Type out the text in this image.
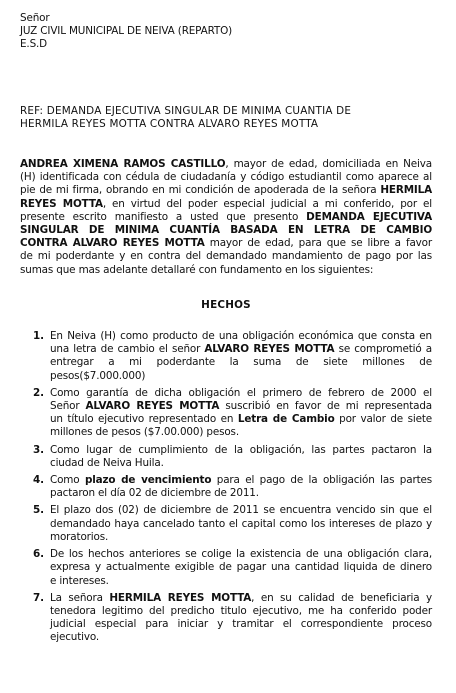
Señor
JUZ CIVIL MUNICIPAL DE NEIVA (REPARTO)
E.S.D
REF: DEMANDA EJECUTIVA SINGULAR DE MINIMA CUANTIA DE
HERMILA REYES MOTTA CONTRA ALVARO REYES MOTTA
ANDREA XIMENA RAMOS CASTILLO, mayor de edad, domiciliada en Neiva
(H) identificada con cédula de ciudadanía y código estudiantil como aparece al
pie de mi firma, obrando en mi condición de apoderada de la señora HERMILA
REYES MOTTA, en virtud del poder especial judicial a mi conferido, por el
presente escrito manifiesto a usted que presento DEMANDA EJECUTIVA
SINGULAR DE MINIMA CUANTÍA BASADA EN LETRA DE CAMBIO
CONTRA ALVARO REYES MOTTA mayor de edad, para que se libre a favor
de mi poderdante y en contra del demandado mandamiento de pago por las
sumas que mas adelante detallaré con fundamento en los siguientes:
HECHOS
1. En Neiva (H) como producto de una obligación económica que consta en
una letra de cambio el señor ALVARO REYES MOTTA se comprometió a
entregar a mi poderdante la suma de siete millones de
pesos($7.000.000)
2. Como garantía de dicha obligación el primero de febrero de 2000 el
Señor ALVARO REYES MOTTA suscribió en favor de mi representada
un título ejecutivo representado en Letra de Cambio por valor de siete
millones de pesos ($7.00.000) pesos.
3. Como lugar de cumplimiento de la obligación, las partes pactaron la
ciudad de Neiva Huila.
4. Como plazo de vencimiento para el pago de la obligación las partes
pactaron el día 02 de diciembre de 2011.
5. El plazo dos (02) de diciembre de 2011 se encuentra vencido sin que el
demandado haya cancelado tanto el capital como los intereses de plazo y
moratorios.
6. De los hechos anteriores se colige la existencia de una obligación clara,
expresa y actualmente exigible de pagar una cantidad liquida de dinero
e intereses.
7. La señora HERMILA REYES MOTTA, en su calidad de beneficiaria y
tenedora legitimo del predicho titulo ejecutivo, me ha conferido poder
judicial especial para iniciar y tramitar el correspondiente proceso
ejecutivo.
